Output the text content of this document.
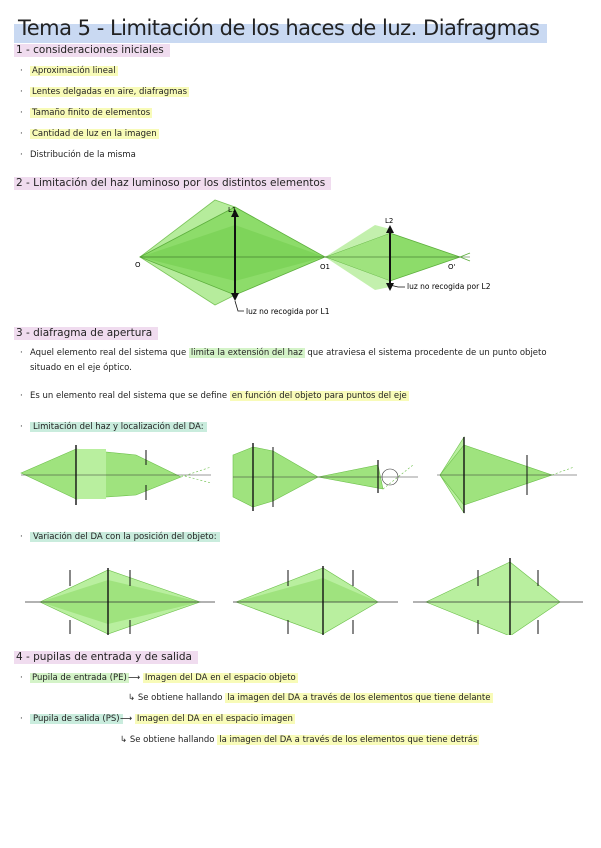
Tema 5 - Limitación de los haces de luz. Diafragmas
1 - consideraciones iniciales
· Aproximación lineal
· Lentes delgadas en aire, diafragmas
· Tamaño finito de elementos
· Cantidad de luz en la imagen
· Distribución de la misma
2 - Limitación del haz luminoso por los distintos elementos
L1
L2
O	O1	O'
luz no recogida por L1
luz no recogida por L2
3 - diafragma de apertura
· Aquel elemento real del sistema que limita la extensión del haz que atraviesa el sistema procedente de un punto objeto
situado en el eje óptico.
· Es un elemento real del sistema que se define en función del objeto para puntos del eje
· Limitación del haz y localización del DA:
· Variación del DA con la posición del objeto:
4 - pupilas de entrada y de salida
· Pupila de entrada (PE) ⟶ Imagen del DA en el espacio objeto
↳ Se obtiene hallando la imagen del DA a través de los elementos que tiene delante
· Pupila de salida (PS) ⟶ Imagen del DA en el espacio imagen
↳ Se obtiene hallando la imagen del DA a través de los elementos que tiene detrás
